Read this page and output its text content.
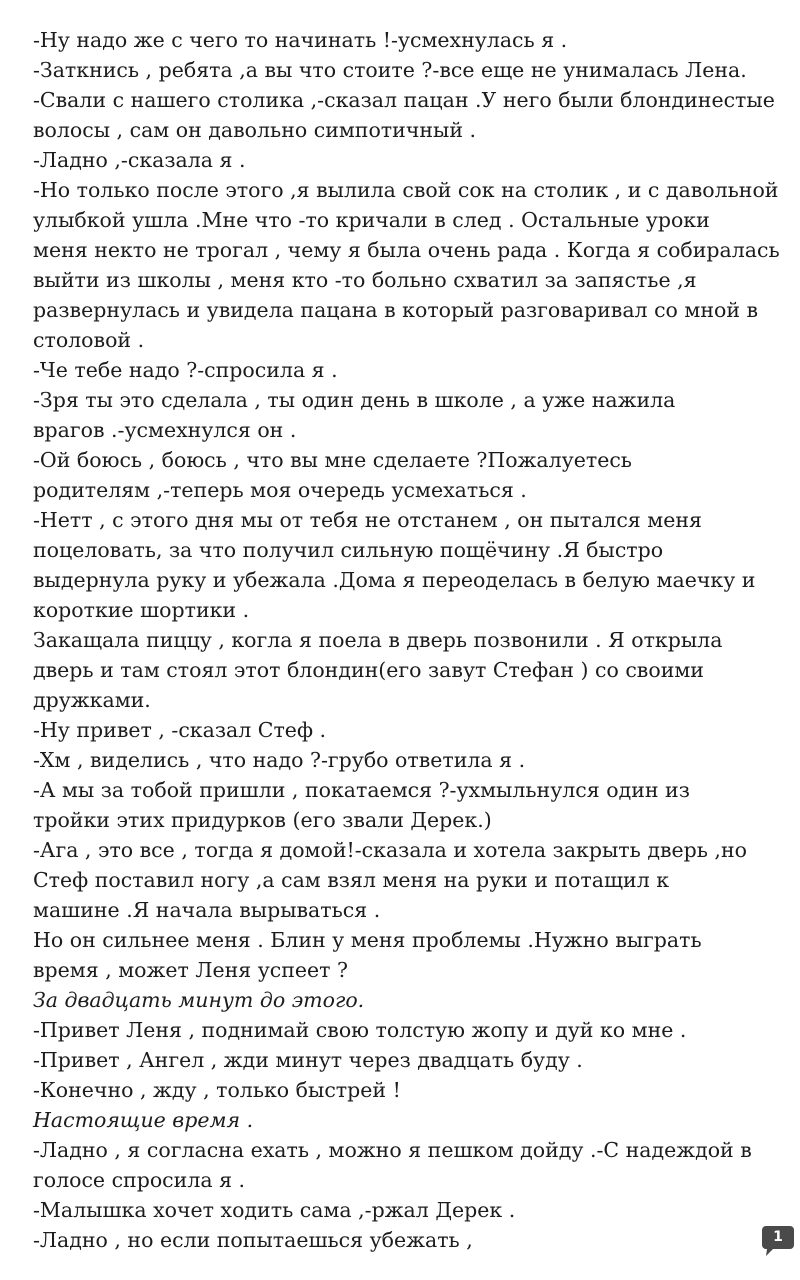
-Ну надо же с чего то начинать !-усмехнулась я .
-Заткнись , ребята ,а вы что стоите ?-все еще не унималась Лена.
-Свали с нашего столика ,-сказал пацан .У него были блондинестые
волосы , сам он давольно симпотичный .
-Ладно ,-сказала я .
-Но только после этого ,я вылила свой сок на столик , и с давольной
улыбкой ушла .Мне что -то кричали в след . Остальные уроки
меня некто не трогал , чему я была очень рада . Когда я собиралась
выйти из школы , меня кто -то больно схватил за запястье ,я
развернулась и увидела пацана в который разговаривал со мной в
столовой .
-Че тебе надо ?-спросила я .
-Зря ты это сделала , ты один день в школе , а уже нажила
врагов .-усмехнулся он .
-Ой боюсь , боюсь , что вы мне сделаете ?Пожалуетесь
родителям ,-теперь моя очередь усмехаться .
-Нетт , с этого дня мы от тебя не отстанем , он пытался меня
поцеловать, за что получил сильную пощёчину .Я быстро
выдернула руку и убежала .Дома я переоделась в белую маечку и
короткие шортики .
Закащала пиццу , когла я поела в дверь позвонили . Я открыла
дверь и там стоял этот блондин(его завут Стефан ) со своими
дружками.
-Ну привет , -сказал Стеф .
-Хм , виделись , что надо ?-грубо ответила я .
-А мы за тобой пришли , покатаемся ?-ухмыльнулся один из
тройки этих придурков (его звали Дерек.)
-Ага , это все , тогда я домой!-сказала и хотела закрыть дверь ,но
Стеф поставил ногу ,а сам взял меня на руки и потащил к
машине .Я начала вырываться .
Но он сильнее меня . Блин у меня проблемы .Нужно выграть
время , может Леня успеет ?
За двадцать минут до этого.
-Привет Леня , поднимай свою толстую жопу и дуй ко мне .
-Привет , Ангел , жди минут через двадцать буду .
-Конечно , жду , только быстрей !
Настоящие время .
-Ладно , я согласна ехать , можно я пешком дойду .-С надеждой в
голосе спросила я .
-Малышка хочет ходить сама ,-ржал Дерек .
-Ладно , но если попытаешься убежать ,	1
